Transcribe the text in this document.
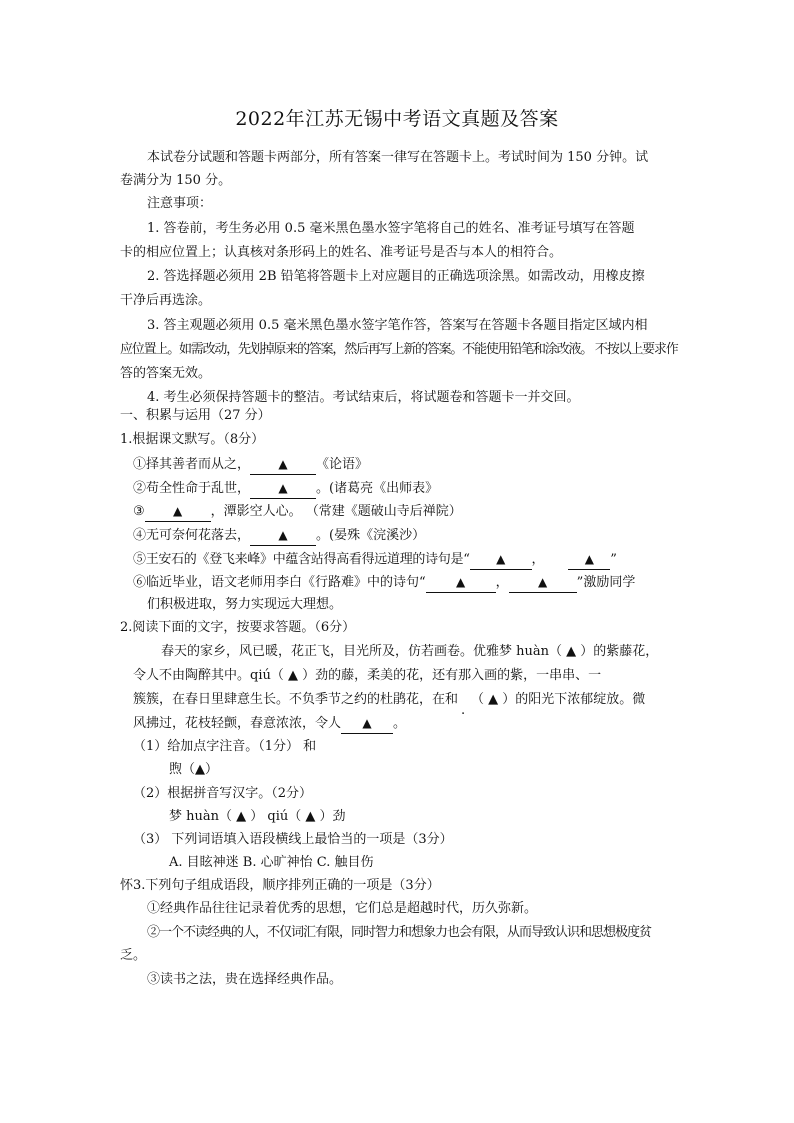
2022年江苏无锡中考语文真题及答案
本试卷分试题和答题卡两部分，所有答案一律写在答题卡上。考试时间为 150 分钟。试
卷满分为 150 分。
注意事项：
1. 答卷前，考生务必用 0.5 毫米黑色墨水签字笔将自己的姓名、准考证号填写在答题
卡的相应位置上；认真核对条形码上的姓名、准考证号是否与本人的相符合。
2. 答选择题必须用 2B 铅笔将答题卡上对应题目的正确选项涂黑。如需改动，用橡皮擦
干净后再选涂。
3. 答主观题必须用 0.5 毫米黑色墨水签字笔作答，答案写在答题卡各题目指定区域内相
应位置上。如需改动，先划掉原来的答案，然后再写上新的答案。不能使用铅笔和涂改液。 不按以上要求作
答的答案无效。
4. 考生必须保持答题卡的整洁。考试结束后，将试题卷和答题卡一并交回。
一、积累与运用（27 分）
1.根据课文默写。（8分）
①择其善者而从之， ▲ 《论语》
②苟全性命于乱世， ▲ 。(诸葛亮《出师表》
③ ▲ ，潭影空人心。 （常建《题破山寺后禅院）
④无可奈何花落去， ▲ 。(晏殊《浣溪沙）
⑤王安石的《登飞来峰》中蕴含站得高看得远道理的诗句是“ ▲ ，	▲ ”
⑥临近毕业，语文老师用李白《行路难》中的诗句“	▲ ， ▲ ”激励同学
们积极进取，努力实现远大理想。
2.阅读下面的文字，按要求答题。（6分）
春天的家乡，风已暖，花正飞，目光所及，仿若画卷。优雅梦 huàn（ ▲ ）的紫藤花，
令人不由陶醉其中。qiú（ ▲ ）劲的藤，柔美的花，还有那入画的紫，一串串、一
簇簇，在春日里肆意生长。不负季节之约的杜鹃花，在和
.
（ ▲ ）的阳光下浓郁绽放。微
风拂过，花枝轻颤，春意浓浓，令人 ▲ 。
（1）给加点字注音。（1分） 和
煦（▲）
（2）根据拼音写汉字。（2分）
梦 huàn（ ▲ ） qiú（ ▲ ）劲
（3） 下列词语填入语段横线上最恰当的一项是（3分）
A. 目眩神迷 B. 心旷神怡 C. 触目伤
怀3.下列句子组成语段，顺序排列正确的一项是（3分）
①经典作品往往记录着优秀的思想，它们总是超越时代，历久弥新。
②一个不读经典的人，不仅词汇有限，同时智力和想象力也会有限，从而导致认识和思想极度贫
乏。
③读书之法，贵在选择经典作品。
